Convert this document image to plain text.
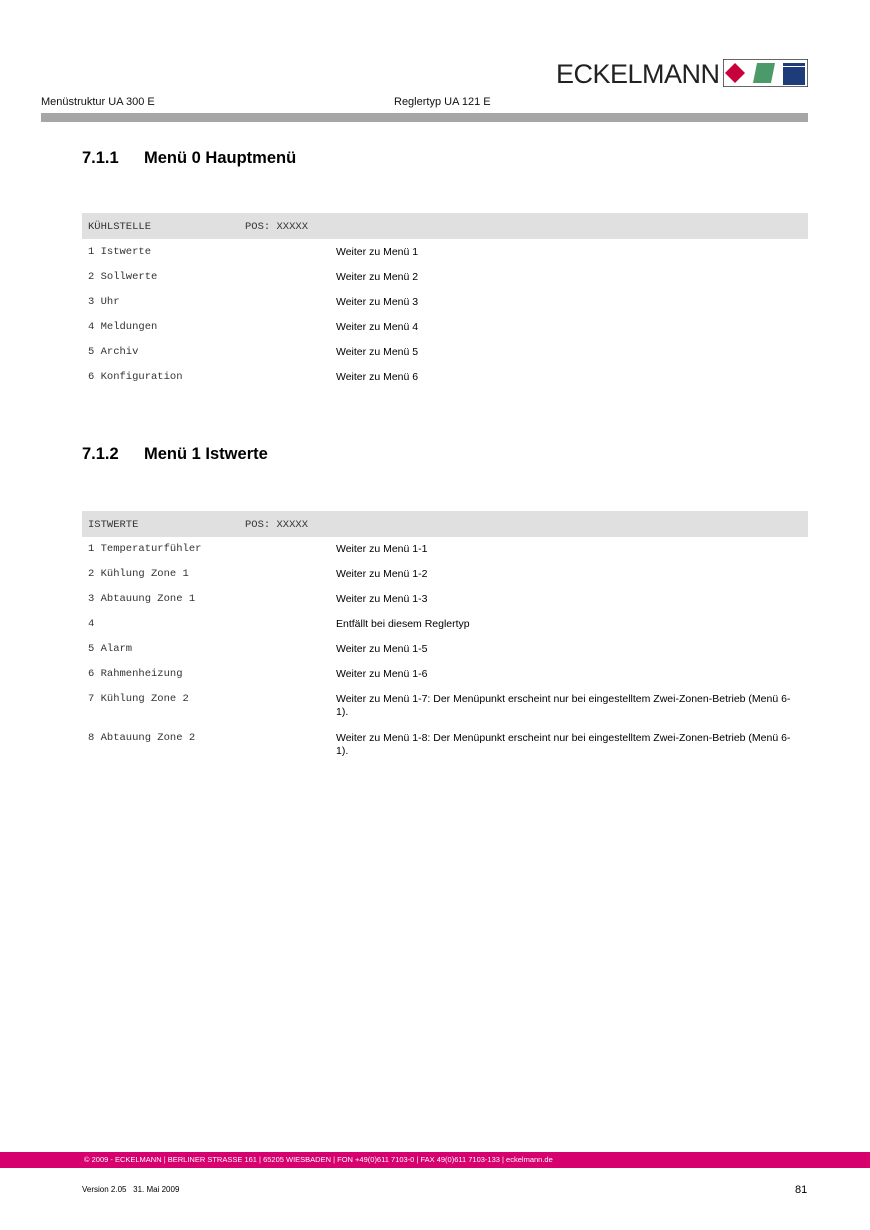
ECKELMANN
Menüstruktur UA 300 E	Reglertyp UA 121 E
7.1.1 Menü 0 Hauptmenü
KÜHLSTELLE	POS: XXXXX
1 Istwerte	Weiter zu Menü 1
2 Sollwerte	Weiter zu Menü 2
3 Uhr	Weiter zu Menü 3
4 Meldungen	Weiter zu Menü 4
5 Archiv	Weiter zu Menü 5
6 Konfiguration	Weiter zu Menü 6
7.1.2 Menü 1 Istwerte
ISTWERTE	POS: XXXXX
1 Temperaturfühler	Weiter zu Menü 1-1
2 Kühlung Zone 1	Weiter zu Menü 1-2
3 Abtauung Zone 1	Weiter zu Menü 1-3
4	Entfällt bei diesem Reglertyp
5 Alarm	Weiter zu Menü 1-5
6 Rahmenheizung	Weiter zu Menü 1-6
7 Kühlung Zone 2	Weiter zu Menü 1-7: Der Menüpunkt erscheint nur bei eingestelltem Zwei-Zonen-Betrieb (Menü 6-1).
8 Abtauung Zone 2	Weiter zu Menü 1-8: Der Menüpunkt erscheint nur bei eingestelltem Zwei-Zonen-Betrieb (Menü 6-1).
© 2009 - ECKELMANN | BERLINER STRASSE 161 | 65205 WIESBADEN | FON +49(0)611 7103-0 | FAX 49(0)611 7103-133 | eckelmann.de
Version 2.05   31. Mai 2009	81
